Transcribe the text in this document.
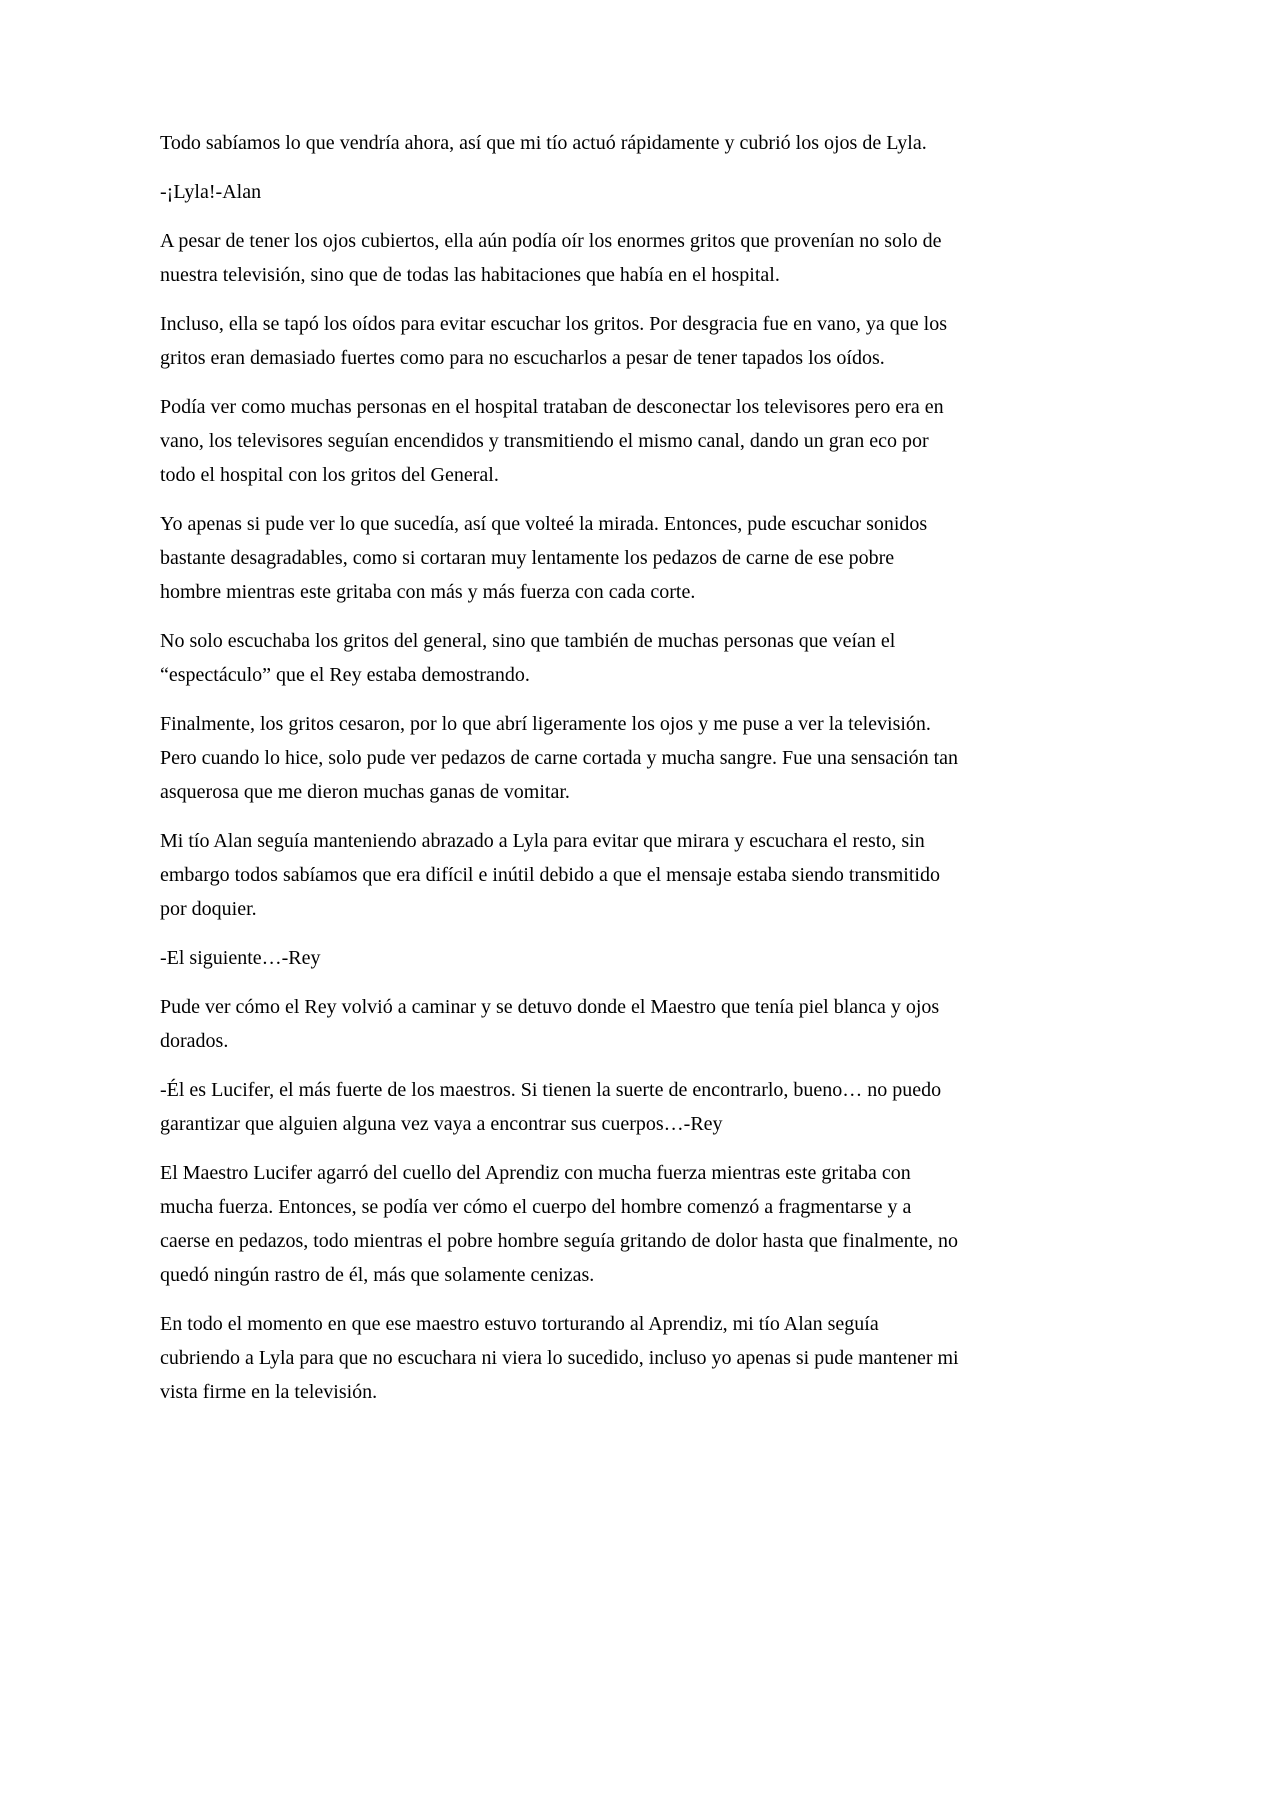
Todo sabíamos lo que vendría ahora, así que mi tío actuó rápidamente y cubrió los ojos de Lyla.

-¡Lyla!-Alan

A pesar de tener los ojos cubiertos, ella aún podía oír los enormes gritos que provenían no solo de nuestra televisión, sino que de todas las habitaciones que había en el hospital.

Incluso, ella se tapó los oídos para evitar escuchar los gritos. Por desgracia fue en vano, ya que los gritos eran demasiado fuertes como para no escucharlos a pesar de tener tapados los oídos.

Podía ver como muchas personas en el hospital trataban de desconectar los televisores pero era en vano, los televisores seguían encendidos y transmitiendo el mismo canal, dando un gran eco por todo el hospital con los gritos del General.

Yo apenas si pude ver lo que sucedía, así que volteé la mirada. Entonces, pude escuchar sonidos bastante desagradables, como si cortaran muy lentamente los pedazos de carne de ese pobre hombre mientras este gritaba con más y más fuerza con cada corte.

No solo escuchaba los gritos del general, sino que también de muchas personas que veían el “espectáculo” que el Rey estaba demostrando.

Finalmente, los gritos cesaron, por lo que abrí ligeramente los ojos y me puse a ver la televisión. Pero cuando lo hice, solo pude ver pedazos de carne cortada y mucha sangre. Fue una sensación tan asquerosa que me dieron muchas ganas de vomitar.

Mi tío Alan seguía manteniendo abrazado a Lyla para evitar que mirara y escuchara el resto, sin embargo todos sabíamos que era difícil e inútil debido a que el mensaje estaba siendo transmitido por doquier.

-El siguiente…-Rey

Pude ver cómo el Rey volvió a caminar y se detuvo donde el Maestro que tenía piel blanca y ojos dorados.

-Él es Lucifer, el más fuerte de los maestros. Si tienen la suerte de encontrarlo, bueno… no puedo garantizar que alguien alguna vez vaya a encontrar sus cuerpos…-Rey

El Maestro Lucifer agarró del cuello del Aprendiz con mucha fuerza mientras este gritaba con mucha fuerza. Entonces, se podía ver cómo el cuerpo del hombre comenzó a fragmentarse y a caerse en pedazos, todo mientras el pobre hombre seguía gritando de dolor hasta que finalmente, no quedó ningún rastro de él, más que solamente cenizas.

En todo el momento en que ese maestro estuvo torturando al Aprendiz, mi tío Alan seguía cubriendo a Lyla para que no escuchara ni viera lo sucedido, incluso yo apenas si pude mantener mi vista firme en la televisión.
